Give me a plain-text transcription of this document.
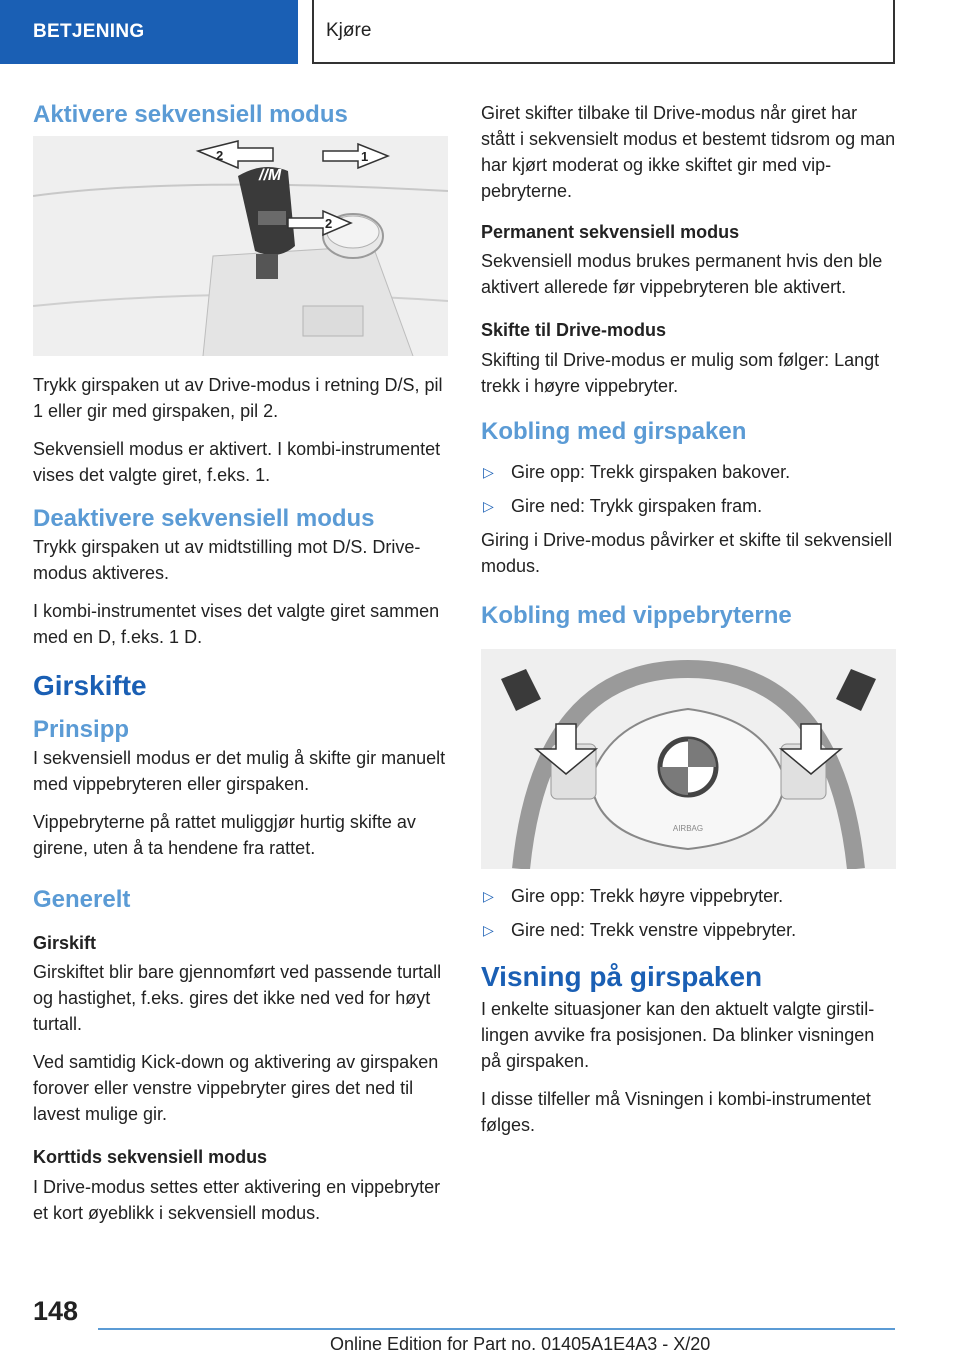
BETJENING	Kjøre
Aktivere sekvensiell modus
//M
2	1
2

Trykk girspaken ut av Drive-modus i retning D/S, pil 1 eller gir med girspaken, pil 2.

Sekvensiell modus er aktivert. I kombi-instrumentet vises det valgte giret, f.eks. 1.

Deaktivere sekvensiell modus

Trykk girspaken ut av midtstilling mot D/S. Drive-modus aktiveres.

I kombi-instrumentet vises det valgte giret sammen med en D, f.eks. 1 D.

Girskifte
Prinsipp

I sekvensiell modus er det mulig å skifte gir manuelt med vippebryteren eller girspaken.

Vippebryterne på rattet muliggjør hurtig skifte av girene, uten å ta hendene fra rattet.

Generelt
Girskift

Girskiftet blir bare gjennomført ved passende turtall og hastighet, f.eks. gires det ikke ned ved for høyt turtall.

Ved samtidig Kick-down og aktivering av girspaken forover eller venstre vippebryter gires det ned til lavest mulige gir.

Korttids sekvensiell modus

I Drive-modus settes etter aktivering en vippebryter et kort øyeblikk i sekvensiell modus.

Giret skifter tilbake til Drive-modus når giret har stått i sekvensielt modus et bestemt tidsrom og man har kjørt moderat og ikke skiftet gir med vippebryterne.

Permanent sekvensiell modus

Sekvensiell modus brukes permanent hvis den ble aktivert allerede før vippebryteren ble aktivert.

Skifte til Drive-modus

Skifting til Drive-modus er mulig som følger: Langt trekk i høyre vippebryter.

Kobling med girspaken
▷ Gire opp: Trekk girspaken bakover.
▷ Gire ned: Trykk girspaken fram.

Giring i Drive-modus påvirker et skifte til sekvensiell modus.

Kobling med vippebryterne
AIRBAG
▷ Gire opp: Trekk høyre vippebryter.
▷ Gire ned: Trekk venstre vippebryter.
Visning på girspaken

I enkelte situasjoner kan den aktuelt valgte girstillingen avvike fra posisjonen. Da blinker visningen på girspaken.

I disse tilfeller må Visningen i kombi-instrumentet følges.

148
Online Edition for Part no. 01405A1E4A3 - X/20
